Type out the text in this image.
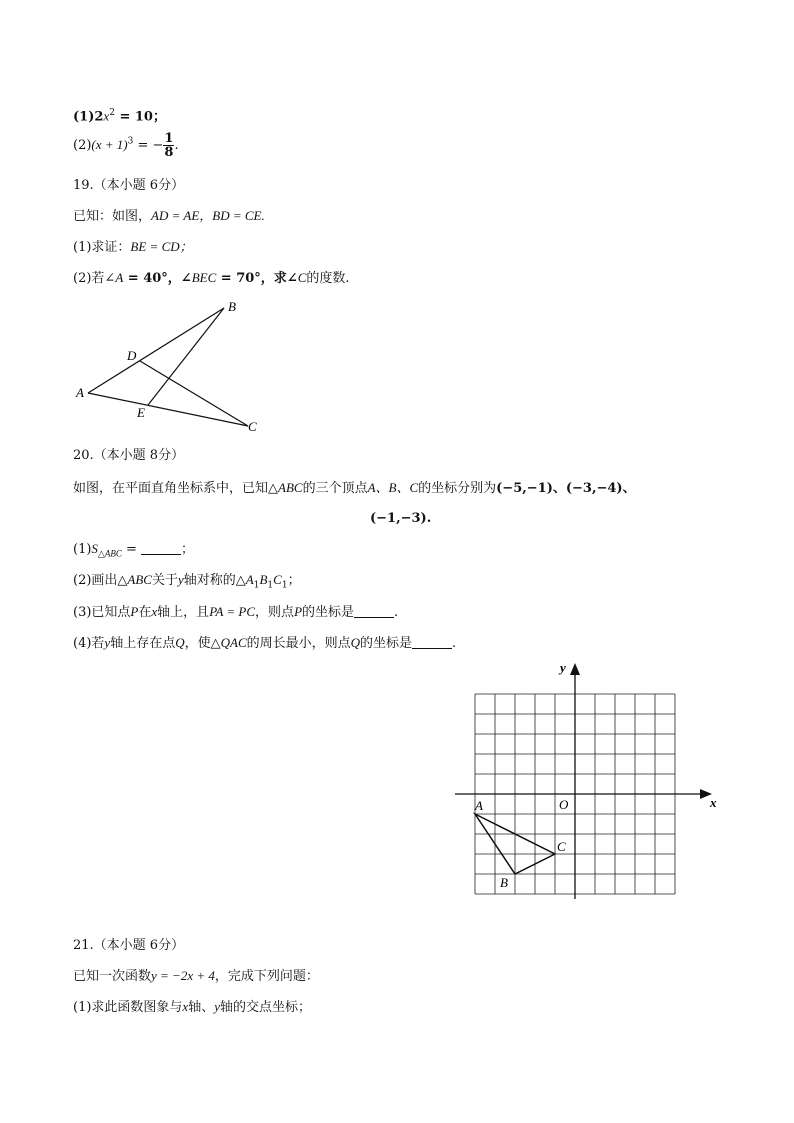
$(1)2x^2 = 10$；
$(2)(x + 1)^3$ = − $\frac{1}{8}$ .
19.（本小题 6分）
已知：如图，AD = AE，BD = CE.
(1)求证：BE = CD；
(2)若∠A = 40°，∠BEC = 70°，求∠C的度数.
A
B
C
D
E
20.（本小题 8分）
如图，在平面直角坐标系中，已知△ABC的三个顶点A、B、C的坐标分别为(−5,−1)、(−3,−4)、
(−1,−3).
$(1)S_{\triangle ABC}$ =	；
(2)画出△ABC关于y轴对称的$\triangle A_1B_1C_1$；
(3)已知点P在x轴上，且PA = PC，则点P的坐标是	.
(4)若y轴上存在点Q，使△QAC的周长最小，则点Q的坐标是	.
x
y
O
A
B
C
21.（本小题 6分）
已知一次函数y = −2x + 4，完成下列问题：
(1)求此函数图象与x轴、y轴的交点坐标；
